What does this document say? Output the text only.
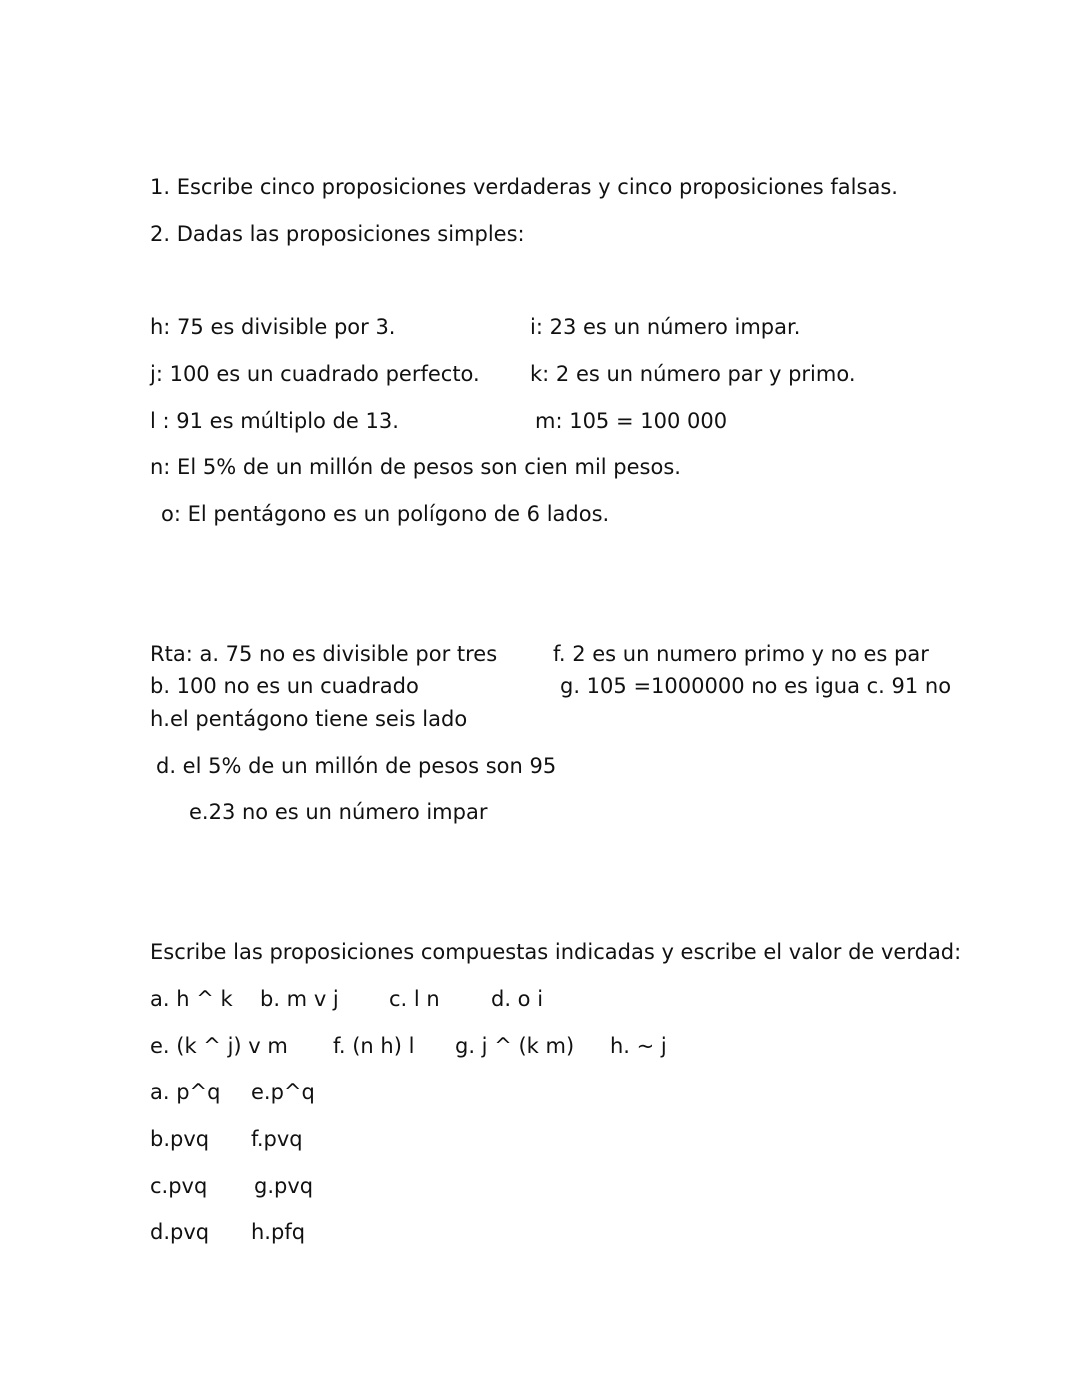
1. Escribe cinco proposiciones verdaderas y cinco proposiciones falsas.
2. Dadas las proposiciones simples:
h: 75 es divisible por 3.	i: 23 es un número impar.
j: 100 es un cuadrado perfecto. k: 2 es un número par y primo.
l : 91 es múltiplo de 13.	m: 105 = 100 000
n: El 5% de un millón de pesos son cien mil pesos.
o: El pentágono es un polígono de 6 lados.
Rta: a. 75 no es divisible por tres	f. 2 es un numero primo y no es par
b. 100 no es un cuadrado	g. 105 =1000000 no es igua c. 91 no
h.el pentágono tiene seis lado
d. el 5% de un millón de pesos son 95
e.23 no es un número impar
Escribe las proposiciones compuestas indicadas y escribe el valor de verdad:
a. h ^ k b. m v j c. l n d. o i
e. (k ^ j) v m f. (n h) l g. j ^ (k m) h. ~ j
a. p^q e.p^q
b.pvq f.pvq
c.pvq g.pvq
d.pvq h.pfq
